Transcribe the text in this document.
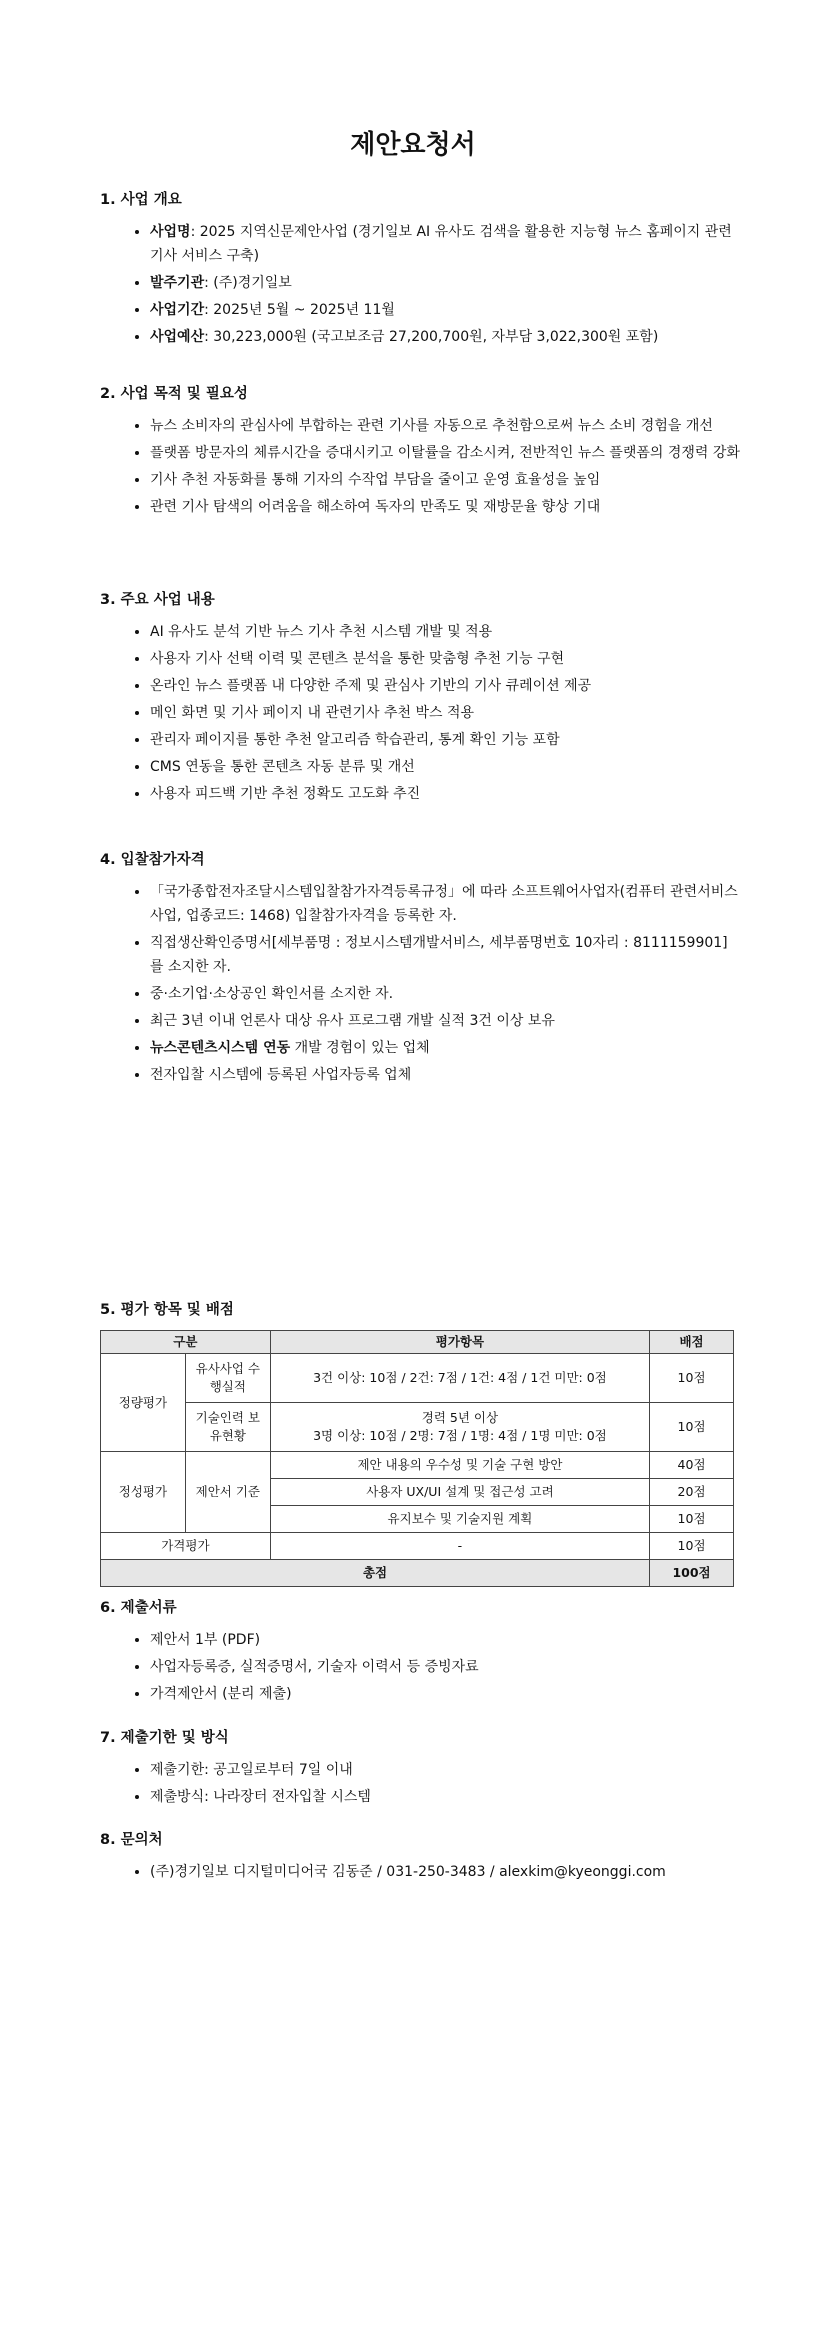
제안요청서
1. 사업 개요
• 사업명: 2025 지역신문제안사업 (경기일보 AI 유사도 검색을 활용한 지능형 뉴스 홈페이지 관련 기사 서비스 구축)
• 발주기관: (주)경기일보
• 사업기간: 2025년 5월 ~ 2025년 11월
• 사업예산: 30,223,000원 (국고보조금 27,200,700원, 자부담 3,022,300원 포함)
2. 사업 목적 및 필요성
• 뉴스 소비자의 관심사에 부합하는 관련 기사를 자동으로 추천함으로써 뉴스 소비 경험을 개선
• 플랫폼 방문자의 체류시간을 증대시키고 이탈률을 감소시켜, 전반적인 뉴스 플랫폼의 경쟁력 강화
• 기사 추천 자동화를 통해 기자의 수작업 부담을 줄이고 운영 효율성을 높임
• 관련 기사 탐색의 어려움을 해소하여 독자의 만족도 및 재방문율 향상 기대
3. 주요 사업 내용
• AI 유사도 분석 기반 뉴스 기사 추천 시스템 개발 및 적용
• 사용자 기사 선택 이력 및 콘텐츠 분석을 통한 맞춤형 추천 기능 구현
• 온라인 뉴스 플랫폼 내 다양한 주제 및 관심사 기반의 기사 큐레이션 제공
• 메인 화면 및 기사 페이지 내 관련기사 추천 박스 적용
• 관리자 페이지를 통한 추천 알고리즘 학습관리, 통계 확인 기능 포함
• CMS 연동을 통한 콘텐츠 자동 분류 및 개선
• 사용자 피드백 기반 추천 정확도 고도화 추진
4. 입찰참가자격
• 「국가종합전자조달시스템입찰참가자격등록규정」에 따라 소프트웨어사업자(컴퓨터 관련서비스사업, 업종코드: 1468) 입찰참가자격을 등록한 자.
• 직접생산확인증명서[세부품명 : 정보시스템개발서비스, 세부품명번호 10자리 : 8111159901]를 소지한 자.
• 중·소기업·소상공인 확인서를 소지한 자.
• 최근 3년 이내 언론사 대상 유사 프로그램 개발 실적 3건 이상 보유
• 뉴스콘텐츠시스템 연동 개발 경험이 있는 업체
• 전자입찰 시스템에 등록된 사업자등록 업체
5. 평가 항목 및 배점
구분		평가항목	배점
정량평가	유사사업 수행실적	3건 이상: 10점 / 2건: 7점 / 1건: 4점 / 1건 미만: 0점	10점
	기술인력 보유현황	경력 5년 이상
3명 이상: 10점 / 2명: 7점 / 1명: 4점 / 1명 미만: 0점	10점
정성평가	제안서 기준	제안 내용의 우수성 및 기술 구현 방안	40점
		사용자 UX/UI 설계 및 접근성 고려	20점
		유지보수 및 기술지원 계획	10점
가격평가		-	10점
총점			100점
6. 제출서류
• 제안서 1부 (PDF)
• 사업자등록증, 실적증명서, 기술자 이력서 등 증빙자료
• 가격제안서 (분리 제출)
7. 제출기한 및 방식
• 제출기한: 공고일로부터 7일 이내
• 제출방식: 나라장터 전자입찰 시스템
8. 문의처
• (주)경기일보 디지털미디어국 김동준 / 031-250-3483 / alexkim@kyeonggi.com
